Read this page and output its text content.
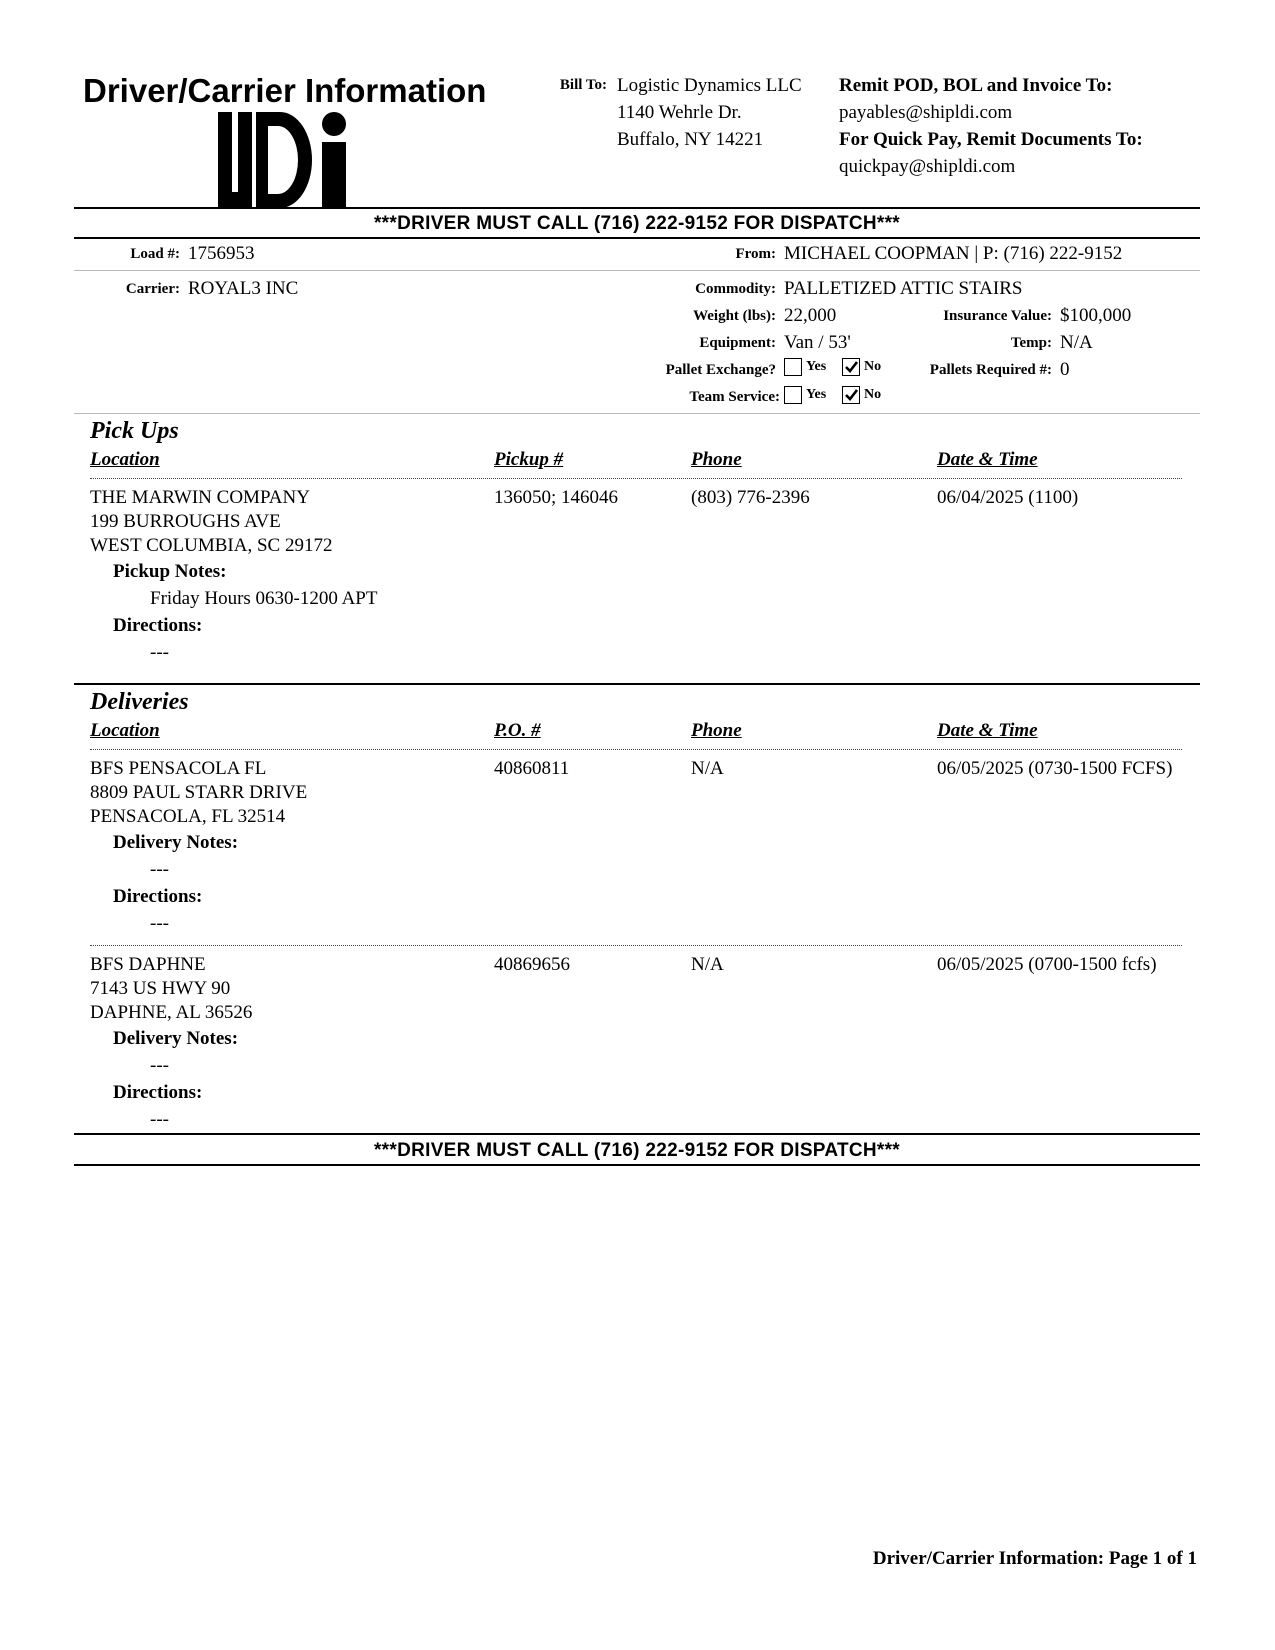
Driver/Carrier Information	Bill To: Logistic Dynamics LLC
1140 Wehrle Dr.
Buffalo, NY 14221
Remit POD, BOL and Invoice To:
payables@shipldi.com
For Quick Pay, Remit Documents To:
quickpay@shipldi.com
***DRIVER MUST CALL (716) 222-9152 FOR DISPATCH***
Load #: 1756953	From: MICHAEL COOPMAN | P: (716) 222-9152
Carrier: ROYAL3 INC	Commodity: PALLETIZED ATTIC STAIRS
Weight (lbs): 22,000	Insurance Value: $100,000
Equipment: Van / 53'	Temp: N/A
Pallet Exchange? Yes	No	Pallets Required #: 0
Team Service: Yes	No
Pick Ups
Location	Pickup #	Phone	Date & Time
THE MARWIN COMPANY
199 BURROUGHS AVE
WEST COLUMBIA, SC 29172
136050; 146046	(803) 776-2396	06/04/2025 (1100)
Pickup Notes:
Friday Hours 0630-1200 APT
Directions:
---
Deliveries
Location	P.O. #	Phone	Date & Time
BFS PENSACOLA FL
8809 PAUL STARR DRIVE
PENSACOLA, FL 32514
40860811	N/A	06/05/2025 (0730-1500 FCFS)
Delivery Notes:
---
Directions:
---
BFS DAPHNE
7143 US HWY 90
DAPHNE, AL 36526
40869656	N/A	06/05/2025 (0700-1500 fcfs)
Delivery Notes:
---
Directions:
---
***DRIVER MUST CALL (716) 222-9152 FOR DISPATCH***
Driver/Carrier Information: Page 1 of 1
